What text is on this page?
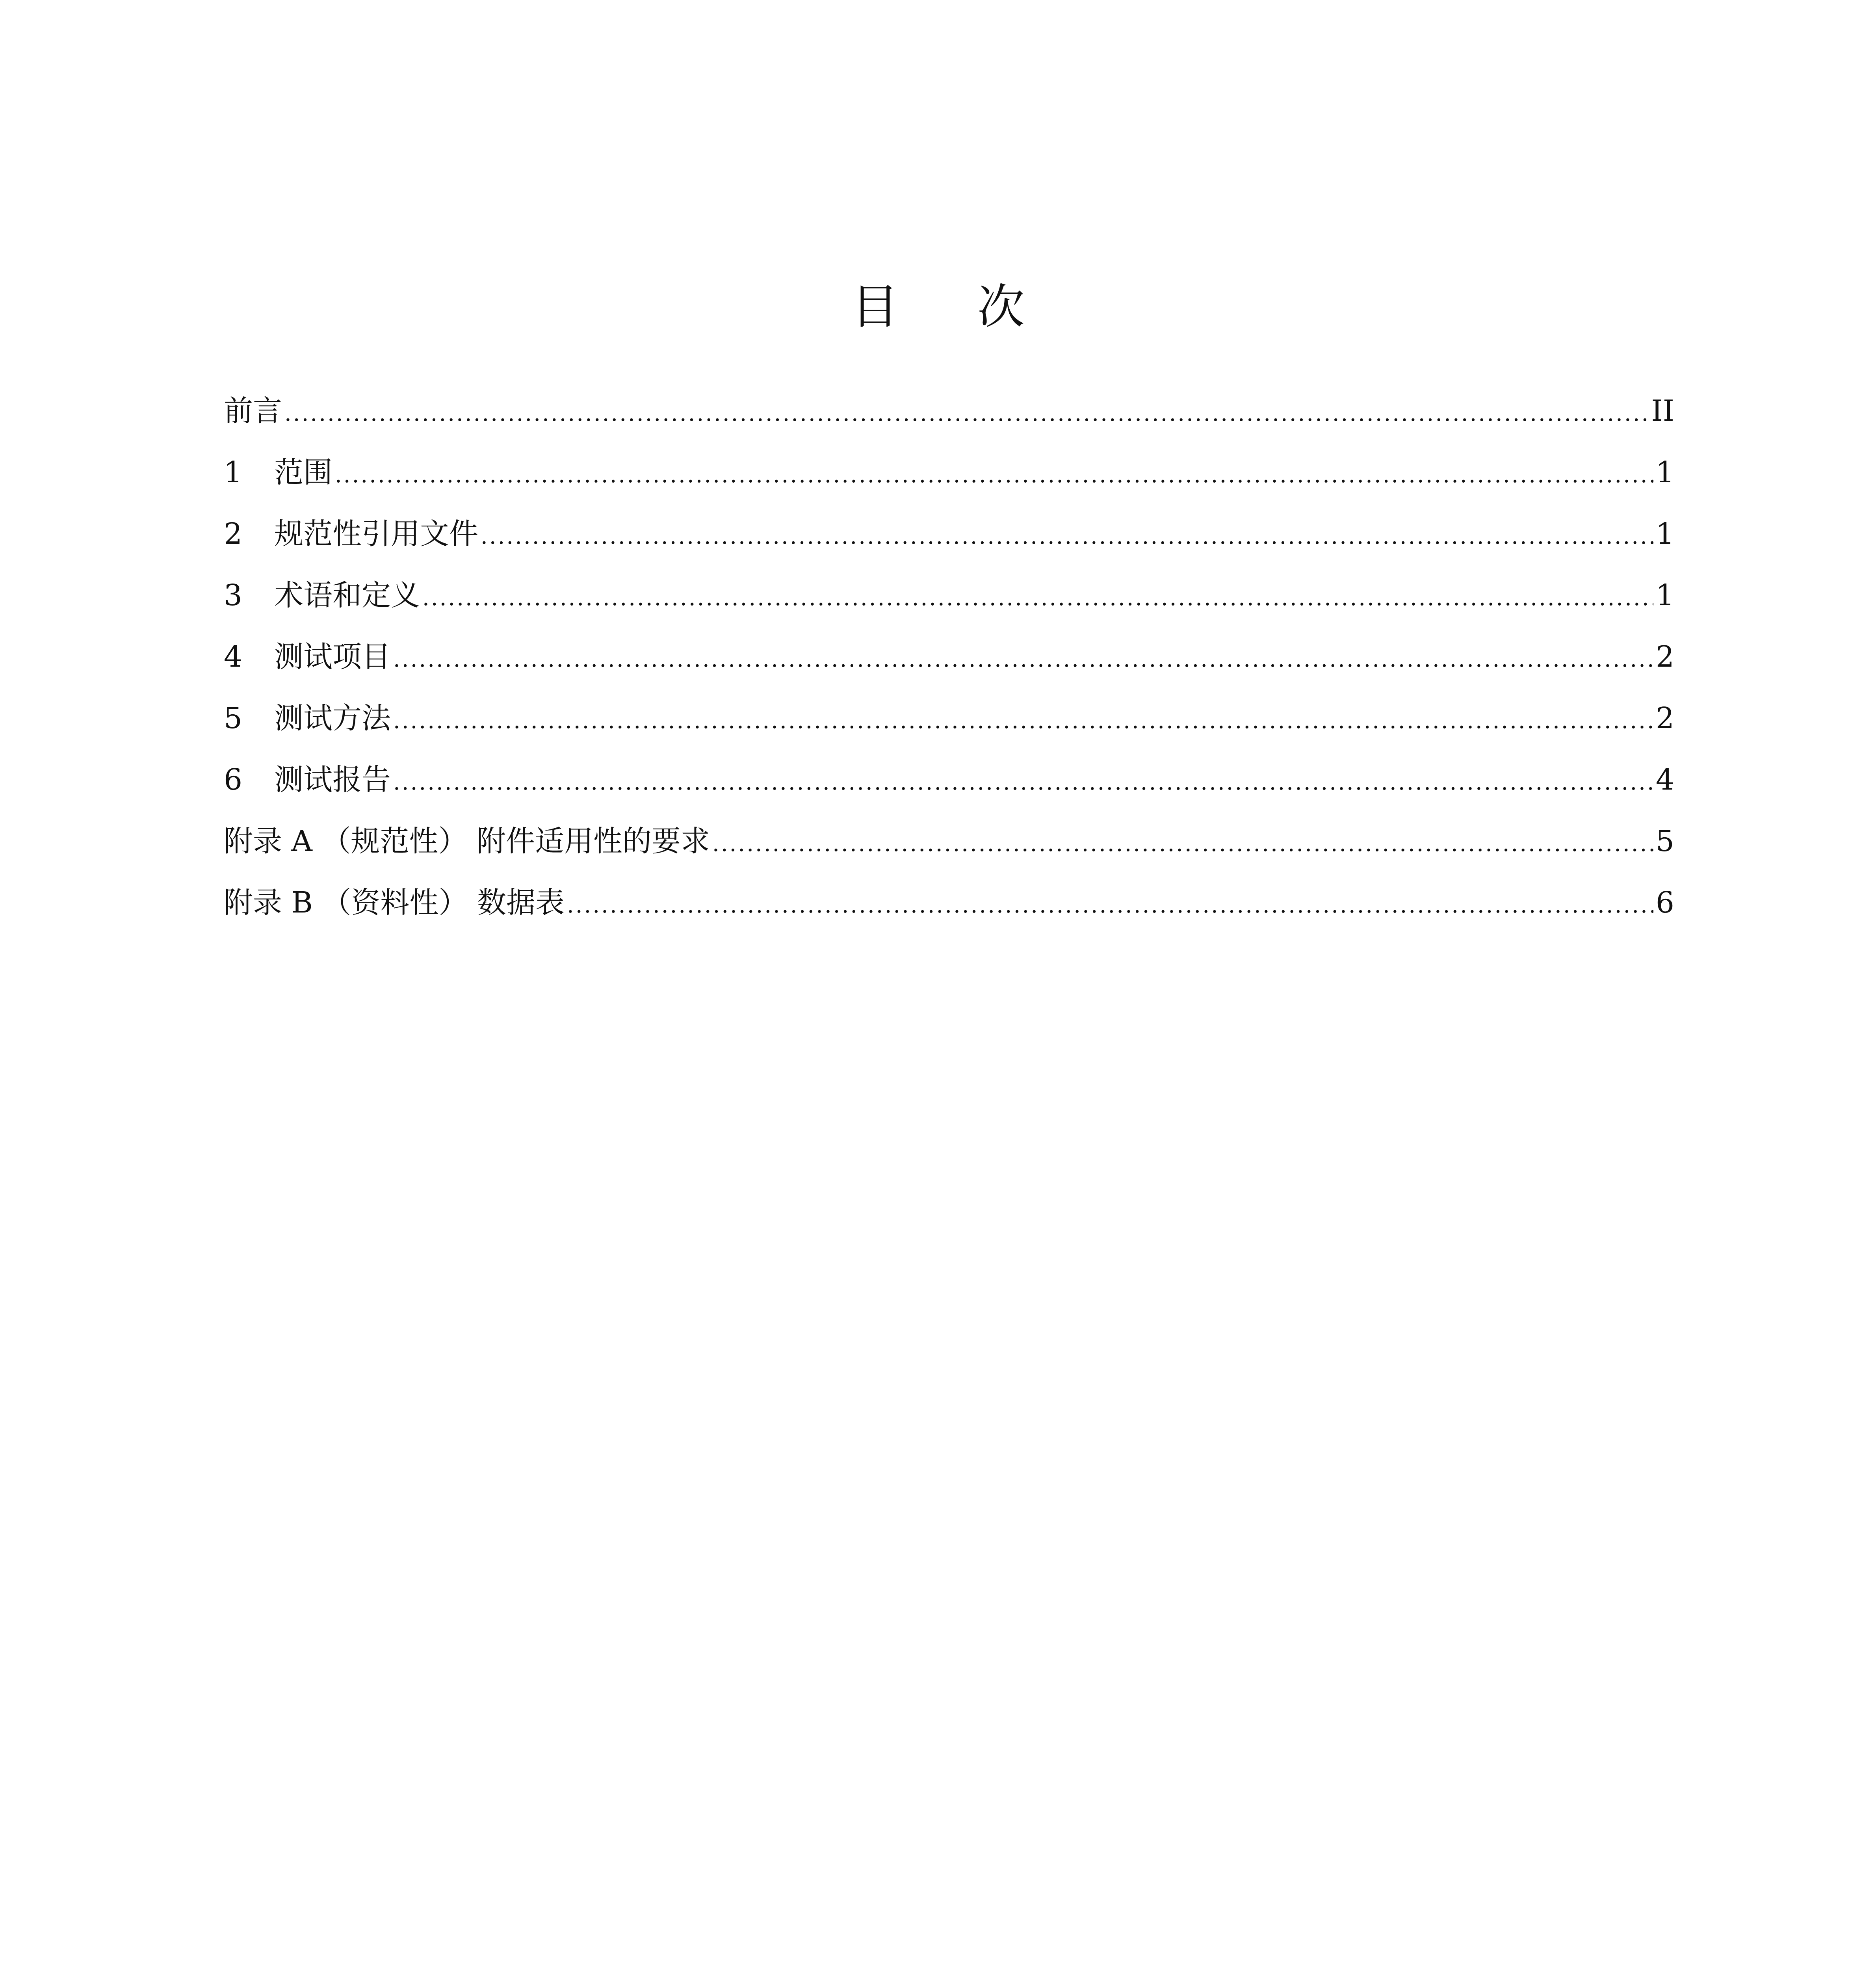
目次
前言 .....	II
1	范围 .....	1
2	规范性引用文件 .....	1
3	术语和定义 .....	1
4	测试项目 .....	2
5	测试方法 .....	2
6	测试报告 .....	4
附录 A （规范性） 附件适用性的要求 .....	5
附录 B （资料性） 数据表 .....	6
